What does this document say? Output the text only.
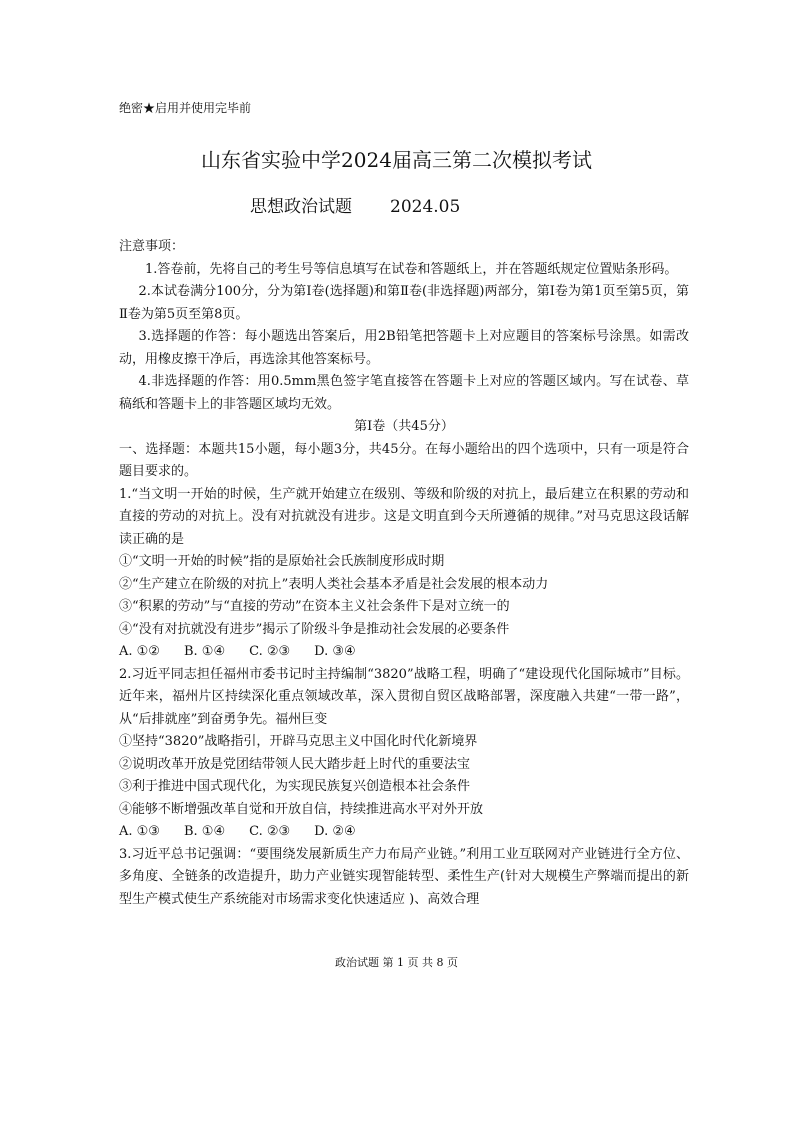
绝密★启用并使用完毕前
山东省实验中学2024届高三第二次模拟考试
思想政治试题 2024.05

注意事项：

1.答卷前，先将自己的考生号等信息填写在试卷和答题纸上，并在答题纸规定位置贴条形码。

2.本试卷满分100分，分为第Ⅰ卷(选择题)和第Ⅱ卷(非选择题)两部分，第Ⅰ卷为第1页至第5页，第Ⅱ卷为第5页至第8页。

3.选择题的作答：每小题选出答案后，用2B铅笔把答题卡上对应题目的答案标号涂黑。如需改动，用橡皮擦干净后，再选涂其他答案标号。

4.非选择题的作答：用0.5mm黑色签字笔直接答在答题卡上对应的答题区域内。写在试卷、草稿纸和答题卡上的非答题区域均无效。

第Ⅰ卷（共45分）

一、选择题：本题共15小题，每小题3分，共45分。在每小题给出的四个选项中，只有一项是符合题目要求的。

1.“当文明一开始的时候，生产就开始建立在级别、等级和阶级的对抗上，最后建立在积累的劳动和直接的劳动的对抗上。没有对抗就没有进步。这是文明直到今天所遵循的规律。”对马克思这段话解读正确的是

①“文明一开始的时候”指的是原始社会氏族制度形成时期

②“生产建立在阶级的对抗上”表明人类社会基本矛盾是社会发展的根本动力

③“积累的劳动”与“直接的劳动”在资本主义社会条件下是对立统一的

④“没有对抗就没有进步”揭示了阶级斗争是推动社会发展的必要条件

A. ①② B. ①④ C. ②③ D. ③④

2.习近平同志担任福州市委书记时主持编制“3820”战略工程，明确了“建设现代化国际城市”目标。近年来，福州片区持续深化重点领域改革，深入贯彻自贸区战略部署，深度融入共建“一带一路”，从“后排就座”到奋勇争先。福州巨变

①坚持“3820”战略指引，开辟马克思主义中国化时代化新境界

②说明改革开放是党团结带领人民大踏步赶上时代的重要法宝

③利于推进中国式现代化，为实现民族复兴创造根本社会条件

④能够不断增强改革自觉和开放自信，持续推进高水平对外开放

A. ①③ B. ①④ C. ②③ D. ②④

3.习近平总书记强调：“要围绕发展新质生产力布局产业链。”利用工业互联网对产业链进行全方位、多角度、全链条的改造提升，助力产业链实现智能转型、柔性生产(针对大规模生产弊端而提出的新型生产模式使生产系统能对市场需求变化快速适应 )、高效合理

政治试题 第 1 页 共 8 页
